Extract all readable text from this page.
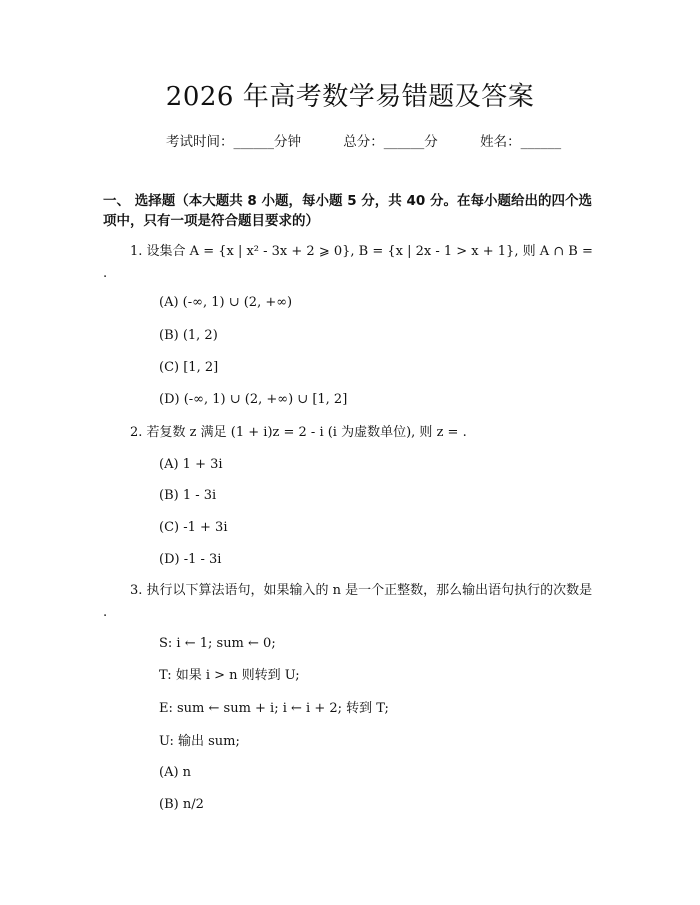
2026 年高考数学易错题及答案
考试时间：______分钟	总分：______分	姓名：______
一、 选择题（本大题共 8 小题，每小题 5 分，共 40 分。在每小题给出的四个选项中，只有一项是符合题目要求的）
1. 设集合 A = {x | x² - 3x + 2 ⩾ 0}, B = {x | 2x - 1 > x + 1}, 则 A ∩ B = .
(A) (-∞, 1) ∪ (2, +∞)
(B) (1, 2)
(C) [1, 2]
(D) (-∞, 1) ∪ (2, +∞) ∪ [1, 2]
2. 若复数 z 满足 (1 + i)z = 2 - i (i 为虚数单位), 则 z = .
(A) 1 + 3i
(B) 1 - 3i
(C) -1 + 3i
(D) -1 - 3i
3. 执行以下算法语句，如果输入的 n 是一个正整数，那么输出语句执行的次数是 .
S: i ← 1; sum ← 0;
T: 如果 i > n 则转到 U;
E: sum ← sum + i; i ← i + 2; 转到 T;
U: 输出 sum;
(A) n
(B) n/2
